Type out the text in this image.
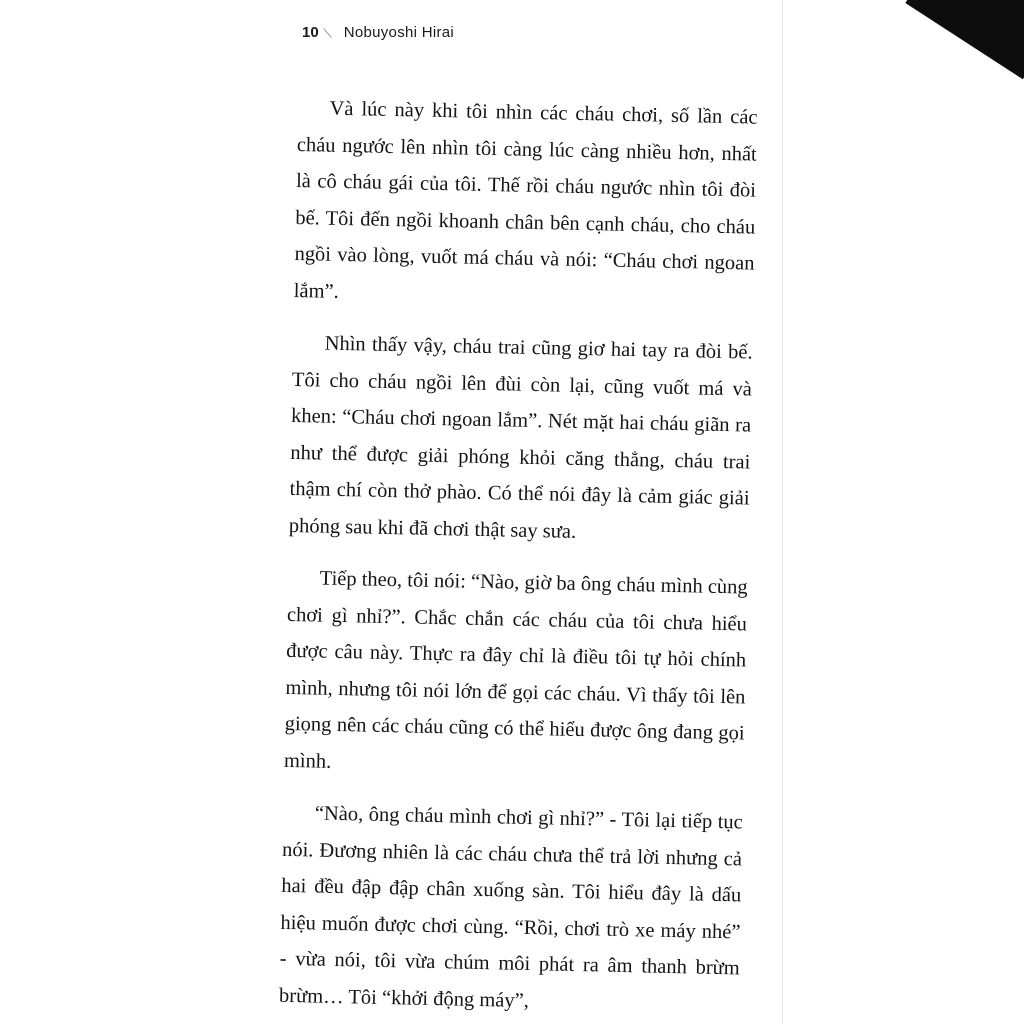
10 Nobuyoshi Hirai

Và lúc này khi tôi nhìn các cháu chơi, số lần các cháu ngước lên nhìn tôi càng lúc càng nhiều hơn, nhất là cô cháu gái của tôi. Thế rồi cháu ngước nhìn tôi đòi bế. Tôi đến ngồi khoanh chân bên cạnh cháu, cho cháu ngồi vào lòng, vuốt má cháu và nói: “Cháu chơi ngoan lắm”.

Nhìn thấy vậy, cháu trai cũng giơ hai tay ra đòi bế. Tôi cho cháu ngồi lên đùi còn lại, cũng vuốt má và khen: “Cháu chơi ngoan lắm”. Nét mặt hai cháu giãn ra như thể được giải phóng khỏi căng thẳng, cháu trai thậm chí còn thở phào. Có thể nói đây là cảm giác giải phóng sau khi đã chơi thật say sưa.

Tiếp theo, tôi nói: “Nào, giờ ba ông cháu mình cùng chơi gì nhỉ?”. Chắc chắn các cháu của tôi chưa hiểu được câu này. Thực ra đây chỉ là điều tôi tự hỏi chính mình, nhưng tôi nói lớn để gọi các cháu. Vì thấy tôi lên giọng nên các cháu cũng có thể hiểu được ông đang gọi mình.

“Nào, ông cháu mình chơi gì nhỉ?” - Tôi lại tiếp tục nói. Đương nhiên là các cháu chưa thể trả lời nhưng cả hai đều đập đập chân xuống sàn. Tôi hiểu đây là dấu hiệu muốn được chơi cùng. “Rồi, chơi trò xe máy nhé” - vừa nói, tôi vừa chúm môi phát ra âm thanh brừm brừm… Tôi “khởi động máy”,
